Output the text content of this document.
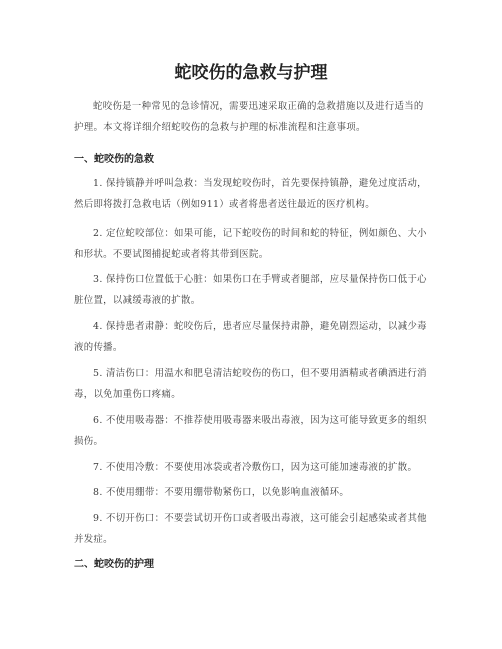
蛇咬伤的急救与护理

蛇咬伤是一种常见的急诊情况，需要迅速采取正确的急救措施以及进行适当的护理。本文将详细介绍蛇咬伤的急救与护理的标准流程和注意事项。

一、蛇咬伤的急救

1. 保持镇静并呼叫急救：当发现蛇咬伤时，首先要保持镇静，避免过度活动，然后即将拨打急救电话（例如911）或者将患者送往最近的医疗机构。

2. 定位蛇咬部位：如果可能，记下蛇咬伤的时间和蛇的特征，例如颜色、大小和形状。不要试图捕捉蛇或者将其带到医院。

3. 保持伤口位置低于心脏：如果伤口在手臂或者腿部，应尽量保持伤口低于心脏位置，以减缓毒液的扩散。

4. 保持患者肃静：蛇咬伤后，患者应尽量保持肃静，避免剧烈运动，以减少毒液的传播。

5. 清洁伤口：用温水和肥皂清洁蛇咬伤的伤口，但不要用酒精或者碘酒进行消毒，以免加重伤口疼痛。

6. 不使用吸毒器：不推荐使用吸毒器来吸出毒液，因为这可能导致更多的组织损伤。

7. 不使用冷敷：不要使用冰袋或者冷敷伤口，因为这可能加速毒液的扩散。

8. 不使用绷带：不要用绷带勒紧伤口，以免影响血液循环。

9. 不切开伤口：不要尝试切开伤口或者吸出毒液，这可能会引起感染或者其他并发症。

二、蛇咬伤的护理
